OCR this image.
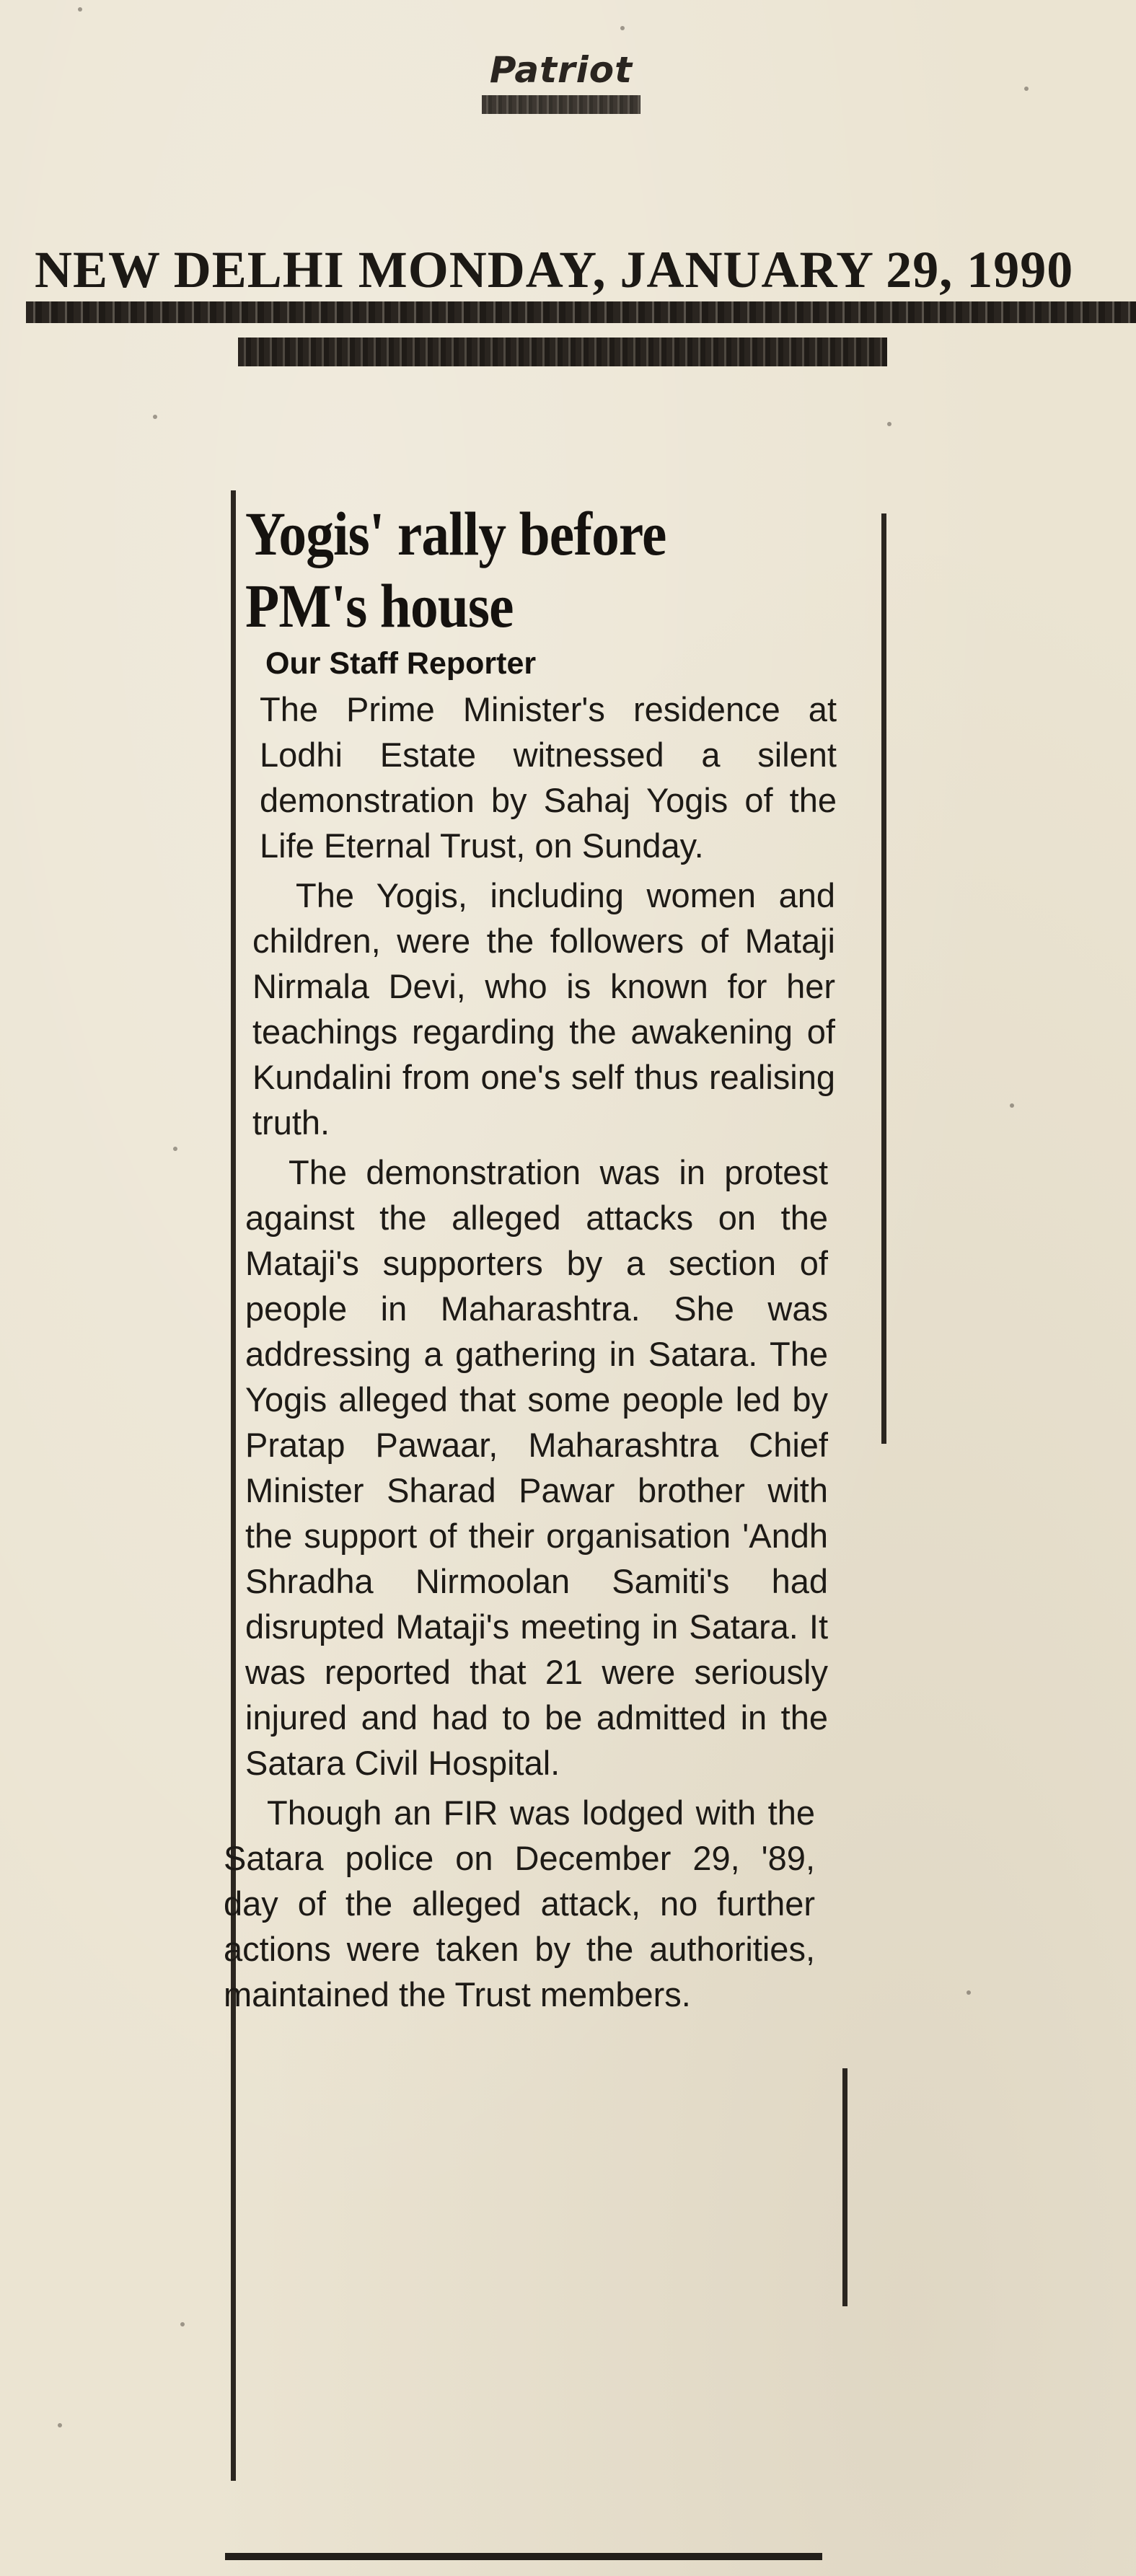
Patriot
NEW DELHI MONDAY, JANUARY 29, 1990
Yogis' rally before
PM's house
Our Staff Reporter

The Prime Minister's residence at Lodhi Estate witnessed a silent demonstration by Sahaj Yogis of the Life Eternal Trust, on Sunday.

The Yogis, including women and children, were the followers of Mataji Nirmala Devi, who is known for her teachings regarding the awakening of Kundalini from one's self thus realising truth.

The demonstration was in protest against the alleged attacks on the Mataji's supporters by a section of people in Maharashtra. She was addressing a gathering in Satara. The Yogis alleged that some people led by Pratap Pawaar, Maharashtra Chief Minister Sharad Pawar brother with the support of their organisation 'Andh Shradha Nirmoolan Samiti's had disrupted Mataji's meeting in Satara. It was reported that 21 were seriously injured and had to be admitted in the Satara Civil Hospital.

Though an FIR was lodged with the Satara police on December 29, '89, day of the alleged attack, no further actions were taken by the authorities, maintained the Trust members.
